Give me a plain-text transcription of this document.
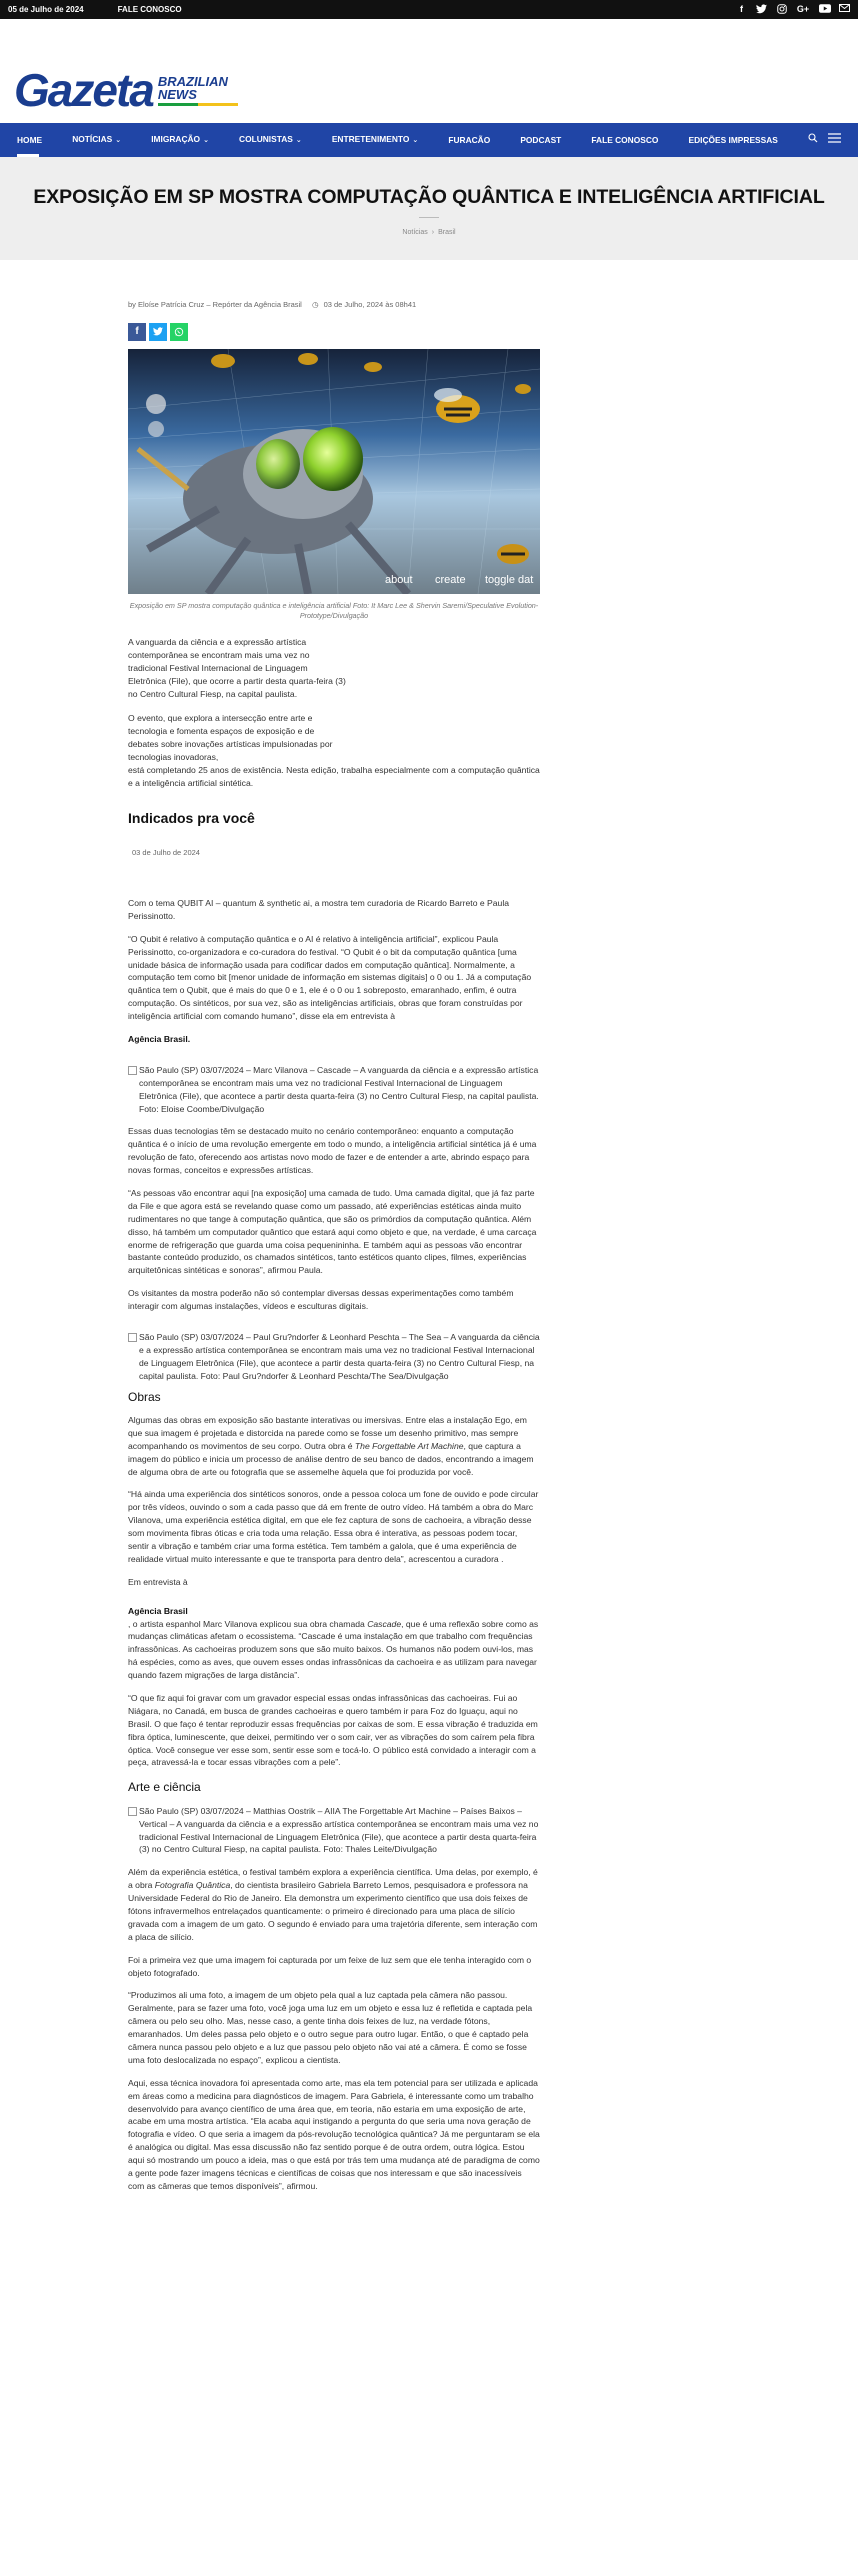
05 de Julho de 2024	FALE CONOSCO	f	G+
Gazeta BRAZILIAN
NEWS
HOME	NOTÍCIAS ⌄	IMIGRAÇÃO ⌄	COLUNISTAS ⌄	ENTRETENIMENTO ⌄	FURACÃO	PODCAST	FALE CONOSCO	EDIÇÕES IMPRESSAS
EXPOSIÇÃO EM SP MOSTRA COMPUTAÇÃO QUÂNTICA E INTELIGÊNCIA ARTIFICIAL
Notícias › Brasil
by Eloíse Patrícia Cruz – Repórter da Agência Brasil ◷ 03 de Julho, 2024 às 08h41
f
about create toggle dat
Exposição em SP mostra computação quântica e inteligência artificial Foto: It Marc Lee & Shervin Saremi/Speculative Evolution-Prototype/Divulgação

A vanguarda da ciência e a expressão artística contemporânea se encontram mais uma vez no tradicional Festival Internacional de Linguagem Eletrônica (File), que ocorre a partir desta quarta-feira (3) no Centro Cultural Fiesp, na capital paulista.

O evento, que explora a intersecção entre arte e tecnologia e fomenta espaços de exposição e de debates sobre inovações artísticas impulsionadas por tecnologias inovadoras,

está completando 25 anos de existência. Nesta edição, trabalha especialmente com a computação quântica e a inteligência artificial sintética.

Indicados pra você
03 de Julho de 2024

Com o tema QUBIT AI – quantum & synthetic ai, a mostra tem curadoria de Ricardo Barreto e Paula Perissinotto.

“O Qubit é relativo à computação quântica e o AI é relativo à inteligência artificial”, explicou Paula Perissinotto, co-organizadora e co-curadora do festival. “O Qubit é o bit da computação quântica [uma unidade básica de informação usada para codificar dados em computação quântica]. Normalmente, a computação tem como bit [menor unidade de informação em sistemas digitais] o 0 ou 1. Já a computação quântica tem o Qubit, que é mais do que 0 e 1, ele é o 0 ou 1 sobreposto, emaranhado, enfim, é outra computação. Os sintéticos, por sua vez, são as inteligências artificiais, obras que foram construídas por inteligência artificial com comando humano”, disse ela em entrevista à

Agência Brasil.

São Paulo (SP) 03/07/2024 – Marc Vilanova – Cascade – A vanguarda da ciência e a expressão artística contemporânea se encontram mais uma vez no tradicional Festival Internacional de Linguagem Eletrônica (File), que acontece a partir desta quarta-feira (3) no Centro Cultural Fiesp, na capital paulista. Foto: Eloise Coombe/Divulgação

Essas duas tecnologias têm se destacado muito no cenário contemporâneo: enquanto a computação quântica é o início de uma revolução emergente em todo o mundo, a inteligência artificial sintética já é uma revolução de fato, oferecendo aos artistas novo modo de fazer e de entender a arte, abrindo espaço para novas formas, conceitos e expressões artísticas.

“As pessoas vão encontrar aqui [na exposição] uma camada de tudo. Uma camada digital, que já faz parte da File e que agora está se revelando quase como um passado, até experiências estéticas ainda muito rudimentares no que tange à computação quântica, que são os primórdios da computação quântica. Além disso, há também um computador quântico que estará aqui como objeto e que, na verdade, é uma carcaça enorme de refrigeração que guarda uma coisa pequenininha. E também aqui as pessoas vão encontrar bastante conteúdo produzido, os chamados sintéticos, tanto estéticos quanto clipes, filmes, experiências arquitetônicas sintéticas e sonoras”, afirmou Paula.

Os visitantes da mostra poderão não só contemplar diversas dessas experimentações como também interagir com algumas instalações, vídeos e esculturas digitais.

São Paulo (SP) 03/07/2024 – Paul Gru?ndorfer & Leonhard Peschta – The Sea – A vanguarda da ciência e a expressão artística contemporânea se encontram mais uma vez no tradicional Festival Internacional de Linguagem Eletrônica (File), que acontece a partir desta quarta-feira (3) no Centro Cultural Fiesp, na capital paulista. Foto: Paul Gru?ndorfer & Leonhard Peschta/The Sea/Divulgação
Obras

Algumas das obras em exposição são bastante interativas ou imersivas. Entre elas a instalação Ego, em que sua imagem é projetada e distorcida na parede como se fosse um desenho primitivo, mas sempre acompanhando os movimentos de seu corpo. Outra obra é The Forgettable Art Machine, que captura a imagem do público e inicia um processo de análise dentro de seu banco de dados, encontrando a imagem de alguma obra de arte ou fotografia que se assemelhe àquela que foi produzida por você.

“Há ainda uma experiência dos sintéticos sonoros, onde a pessoa coloca um fone de ouvido e pode circular por três vídeos, ouvindo o som a cada passo que dá em frente de outro vídeo. Há também a obra do Marc Vilanova, uma experiência estética digital, em que ele fez captura de sons de cachoeira, a vibração desse som movimenta fibras óticas e cria toda uma relação. Essa obra é interativa, as pessoas podem tocar, sentir a vibração e também criar uma forma estética. Tem também a galola, que é uma experiência de realidade virtual muito interessante e que te transporta para dentro dela”, acrescentou a curadora .

Em entrevista à

Agência Brasil

, o artista espanhol Marc Vilanova explicou sua obra chamada Cascade, que é uma reflexão sobre como as mudanças climáticas afetam o ecossistema. “Cascade é uma instalação em que trabalho com frequências infrassônicas. As cachoeiras produzem sons que são muito baixos. Os humanos não podem ouvi-los, mas há espécies, como as aves, que ouvem esses ondas infrassônicas da cachoeira e as utilizam para navegar quando fazem migrações de larga distância”.

“O que fiz aqui foi gravar com um gravador especial essas ondas infrassônicas das cachoeiras. Fui ao Niágara, no Canadá, em busca de grandes cachoeiras e quero também ir para Foz do Iguaçu, aqui no Brasil. O que faço é tentar reproduzir essas frequências por caixas de som. E essa vibração é traduzida em fibra óptica, luminescente, que deixei, permitindo ver o som cair, ver as vibrações do som caírem pela fibra óptica. Você consegue ver esse som, sentir esse som e tocá-lo. O público está convidado a interagir com a peça, atravessá-la e tocar essas vibrações com a pele”.

Arte e ciência
São Paulo (SP) 03/07/2024 – Matthias Oostrik – AIIA The Forgettable Art Machine – Países Baixos – Vertical – A vanguarda da ciência e a expressão artística contemporânea se encontram mais uma vez no tradicional Festival Internacional de Linguagem Eletrônica (File), que acontece a partir desta quarta-feira (3) no Centro Cultural Fiesp, na capital paulista. Foto: Thales Leite/Divulgação

Além da experiência estética, o festival também explora a experiência científica. Uma delas, por exemplo, é a obra Fotografia Quântica, do cientista brasileiro Gabriela Barreto Lemos, pesquisadora e professora na Universidade Federal do Rio de Janeiro. Ela demonstra um experimento científico que usa dois feixes de fótons infravermelhos entrelaçados quanticamente: o primeiro é direcionado para uma placa de silício gravada com a imagem de um gato. O segundo é enviado para uma trajetória diferente, sem interação com a placa de silício.

Foi a primeira vez que uma imagem foi capturada por um feixe de luz sem que ele tenha interagido com o objeto fotografado.

“Produzimos ali uma foto, a imagem de um objeto pela qual a luz captada pela câmera não passou. Geralmente, para se fazer uma foto, você joga uma luz em um objeto e essa luz é refletida e captada pela câmera ou pelo seu olho. Mas, nesse caso, a gente tinha dois feixes de luz, na verdade fótons, emaranhados. Um deles passa pelo objeto e o outro segue para outro lugar. Então, o que é captado pela câmera nunca passou pelo objeto e a luz que passou pelo objeto não vai até a câmera. É como se fosse uma foto deslocalizada no espaço”, explicou a cientista.

Aqui, essa técnica inovadora foi apresentada como arte, mas ela tem potencial para ser utilizada e aplicada em áreas como a medicina para diagnósticos de imagem. Para Gabriela, é interessante como um trabalho desenvolvido para avanço científico de uma área que, em teoria, não estaria em uma exposição de arte, acabe em uma mostra artística. “Ela acaba aqui instigando a pergunta do que seria uma nova geração de fotografia e vídeo. O que seria a imagem da pós-revolução tecnológica quântica? Já me perguntaram se ela é analógica ou digital. Mas essa discussão não faz sentido porque é de outra ordem, outra lógica. Estou aqui só mostrando um pouco a ideia, mas o que está por trás tem uma mudança até de paradigma de como a gente pode fazer imagens técnicas e científicas de coisas que nos interessam e que são inacessíveis com as câmeras que temos disponíveis”, afirmou.
